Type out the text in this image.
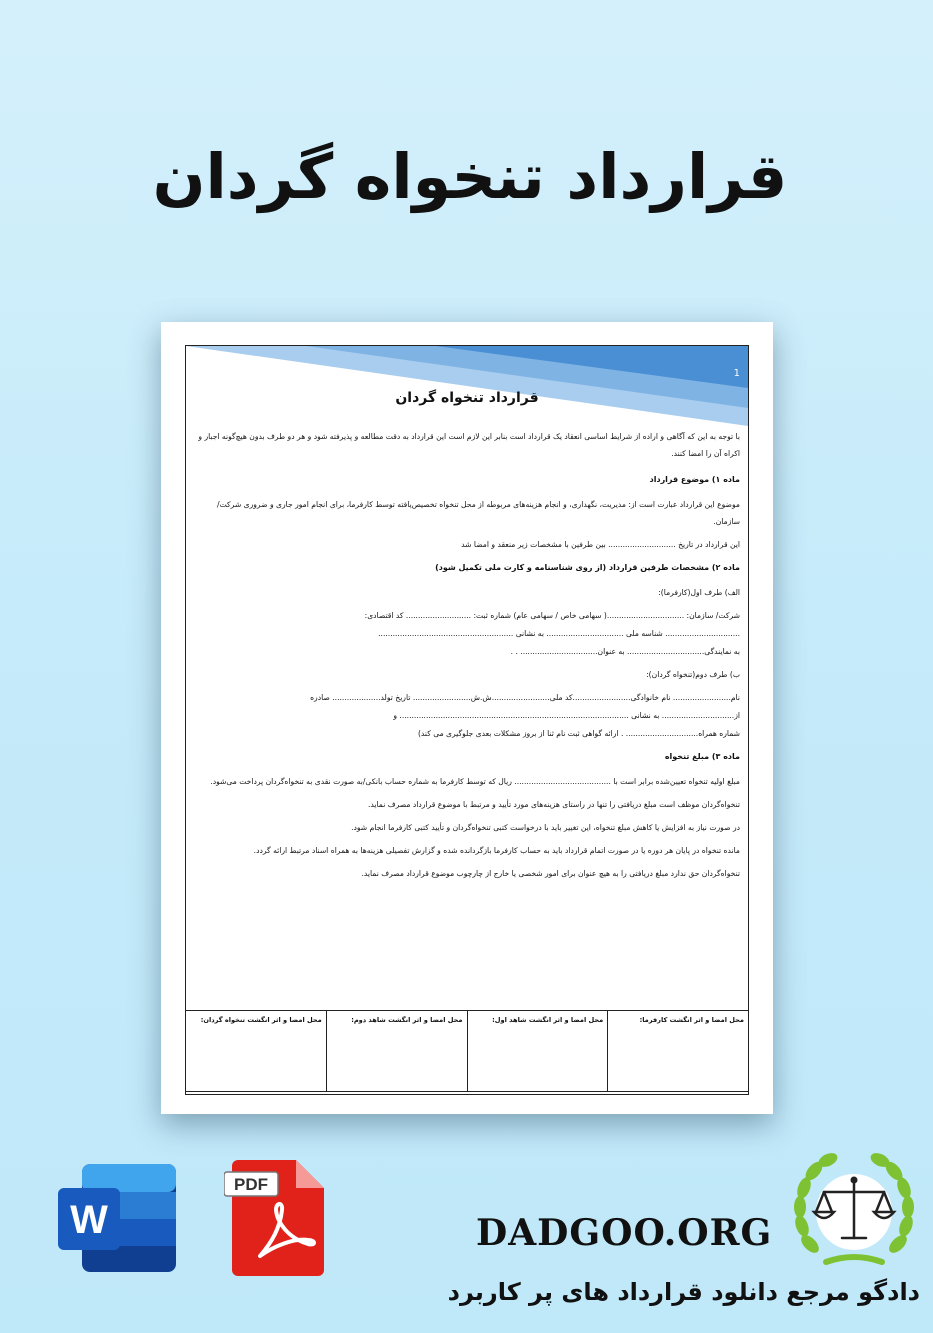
قرارداد تنخواه گردان
1
قرارداد تنخواه گردان

با توجه به این که آگاهی و اراده از شرایط اساسی انعقاد یک قرارداد است بنابر این لازم است این قرارداد به دقت مطالعه و پذیرفته شود و هر دو طرف بدون هیچ‌گونه اجبار و اکراه آن را امضا کنند.

ماده ۱) موضوع قرارداد

موضوع این قرارداد عبارت است از: مدیریت، نگهداری، و انجام هزینه‌های مربوطه از محل تنخواه تخصیص‌یافته توسط کارفرما، برای انجام امور جاری و ضروری شرکت/سازمان.

این قرارداد در تاریخ ............................ بین طرفین با مشخصات زیر منعقد و امضا شد

ماده ۲) مشخصات طرفین قرارداد (از روی شناسنامه و کارت ملی تکمیل شود)

الف) طرف اول(کارفرما):

شرکت/ سازمان: ................................( سهامی خاص / سهامی عام) شماره ثبت: ........................... کد اقتصادی:

............................... شناسه ملی ................................ به نشانی ........................................................

به نمایندگی................................ به عنوان................................ . .

ب) طرف دوم(تنخواه گردان):

نام........................ نام خانوادگی........................کد ملی........................ش.ش........................ تاریخ تولد.................... صادره

از.............................. به نشانی ............................................................................................... و

شماره همراه.............................. . ارائه گواهی ثبت نام ثنا از بروز مشکلات بعدی جلوگیری می کند)

ماده ۳) مبلغ تنخواه

مبلغ اولیه تنخواه تعیین‌شده برابر است با ........................................ ریال که توسط کارفرما به شماره حساب بانکی/به صورت نقدی به تنخواه‌گردان پرداخت می‌شود.

تنخواه‌گردان موظف است مبلغ دریافتی را تنها در راستای هزینه‌های مورد تأیید و مرتبط با موضوع قرارداد مصرف نماید.

در صورت نیاز به افزایش یا کاهش مبلغ تنخواه، این تغییر باید با درخواست کتبی تنخواه‌گردان و تأیید کتبی کارفرما انجام شود.

مانده تنخواه در پایان هر دوره یا در صورت اتمام قرارداد باید به حساب کارفرما بازگردانده شده و گزارش تفصیلی هزینه‌ها به همراه اسناد مرتبط ارائه گردد.

تنخواه‌گردان حق ندارد مبلغ دریافتی را به هیچ عنوان برای امور شخصی یا خارج از چارچوب موضوع قرارداد مصرف نماید.

محل امضا و اثر انگشت کارفرما:
محل امضا و اثر انگشت شاهد اول:
محل امضا و اثر انگشت شاهد دوم:
محل امضا و اثر انگشت تنخواه گردان:
W
PDF
DADGOO.ORG
دادگو مرجع دانلود قرارداد های پر کاربرد
